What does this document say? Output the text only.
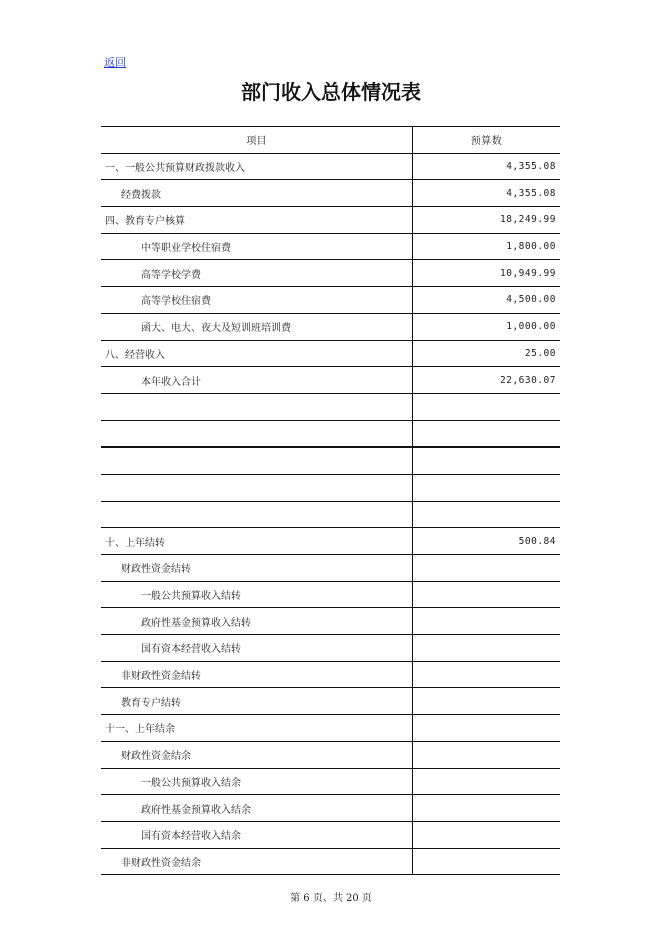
返回
部门收入总体情况表
项目	预算数
一、一般公共预算财政拨款收入	4,355.08
经费拨款	4,355.08
四、教育专户核算	18,249.99
中等职业学校住宿费	1,800.00
高等学校学费	10,949.99
高等学校住宿费	4,500.00
函大、电大、夜大及短训班培训费	1,000.00
八、经营收入	25.00
本年收入合计	22,630.07

十、上年结转	500.84
财政性资金结转	
一般公共预算收入结转	
政府性基金预算收入结转	
国有资本经营收入结转	
非财政性资金结转	
教育专户结转	
十一、上年结余	
财政性资金结余	
一般公共预算收入结余	
政府性基金预算收入结余	
国有资本经营收入结余	
非财政性资金结余	
第 6 页、共 20 页
